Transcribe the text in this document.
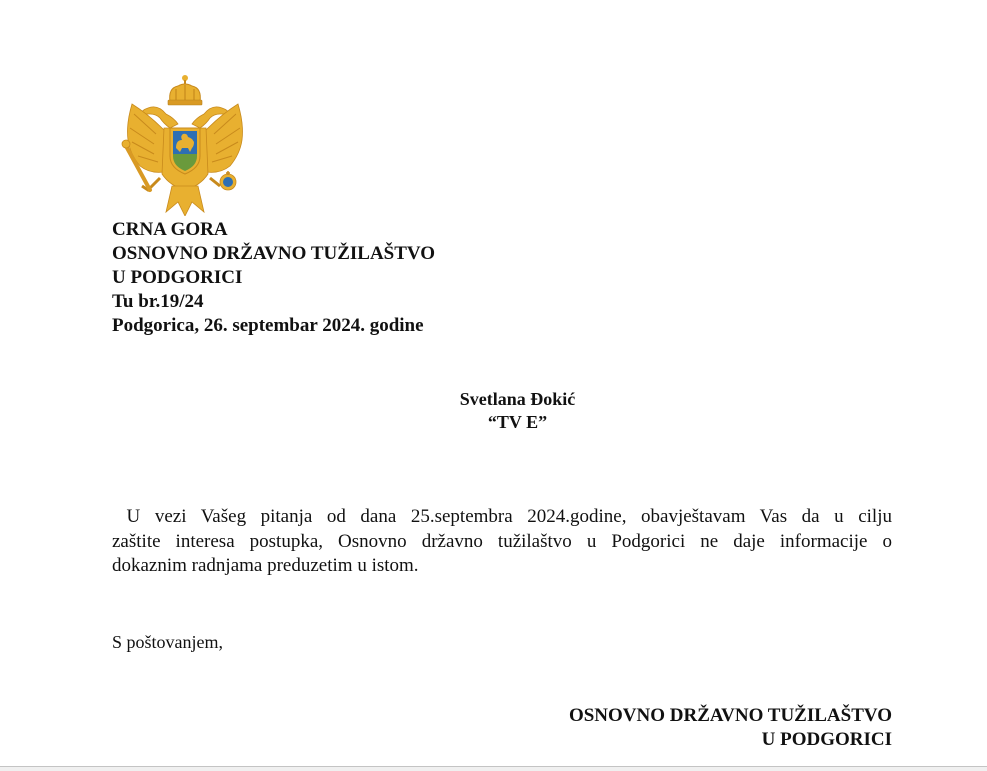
CRNA GORA
OSNOVNO DRŽAVNO TUŽILAŠTVO
U PODGORICI
Tu br.19/24
Podgorica, 26. septembar 2024. godine
Svetlana Đokić
“TV E”
U vezi Vašeg pitanja od dana 25.septembra 2024.godine, obavještavam Vas da u cilju
zaštite interesa postupka, Osnovno državno tužilaštvo u Podgorici ne daje informacije o
dokaznim radnjama preduzetim u istom.
S poštovanjem,
OSNOVNO DRŽAVNO TUŽILAŠTVO
U PODGORICI
